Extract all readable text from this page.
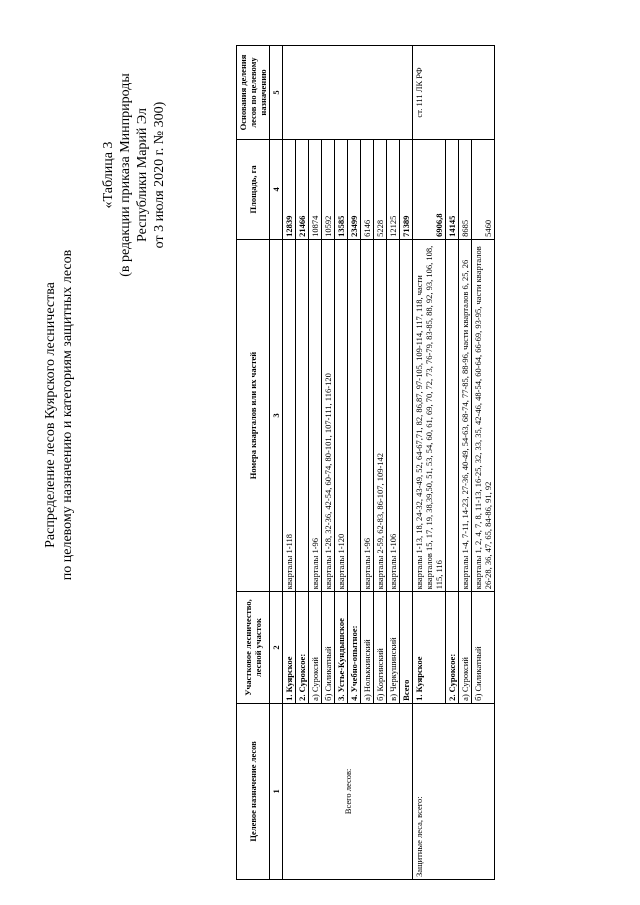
Распределение лесов Куярского лесничества по целевому назначению и категориям защитных лесов
«Таблица 3 (в редакции приказа Минприроды Республики Марий Эл от 3 июля 2020 г. № 300)
Целевое назначение лесов	Участковое лесничество, лесной участок	Номера кварталов или их частей	Площадь, га	Основания деления лесов по целевому назначению
1	2	3	4	5
Всего лесов:	1. Куярское	кварталы 1-118	12839	
	2. Суроксое:		21466	
	а) Суроксий	кварталы 1-96	10874	
	б) Силикатный	кварталы 1-28, 32-36, 42-54, 60-74, 80-101, 107-111, 116-120	10592	
	3. Устье-Кундышское	кварталы 1-120	13585	
	4. Учебно-опытное:		23499	
	а) Нольккинский	кварталы 1-96	6146	
	б) Коргинский	кварталы 2-59, 62-83, 86-107, 109-142	5228	
	в) Черкушинский	кварталы 1-106	12125	
	Всего		71389	
Защитные леса, всего:	1. Куярское	кварталы 1-13, 18, 24-32, 43-49, 52, 64-67,71, 82, 86,87, 97-105, 109-114, 117, 118, части кварталов 15, 17, 19, 38,39,50, 51, 53, 54, 60, 61, 69, 70, 72, 73, 76-79, 83-85, 88, 92, 93, 106, 108, 115, 116	6906,8	ст. 111 ЛК РФ
	2. Суроксое:		14145	
	а) Суроксий	кварталы 1-4, 7-11, 14-23, 27-36, 40-49, 54-63, 68-74, 77-85, 88-96, части кварталов 6, 25, 26	8685	
	б) Силикатный	кварталы 1, 2, 4, 7, 8, 11-13, 16-25, 32, 33, 35, 42-46, 48-54, 60-64, 66-69, 93-95, части кварталов 26-28, 36, 47, 65, 84-86, 91, 92	5460	
